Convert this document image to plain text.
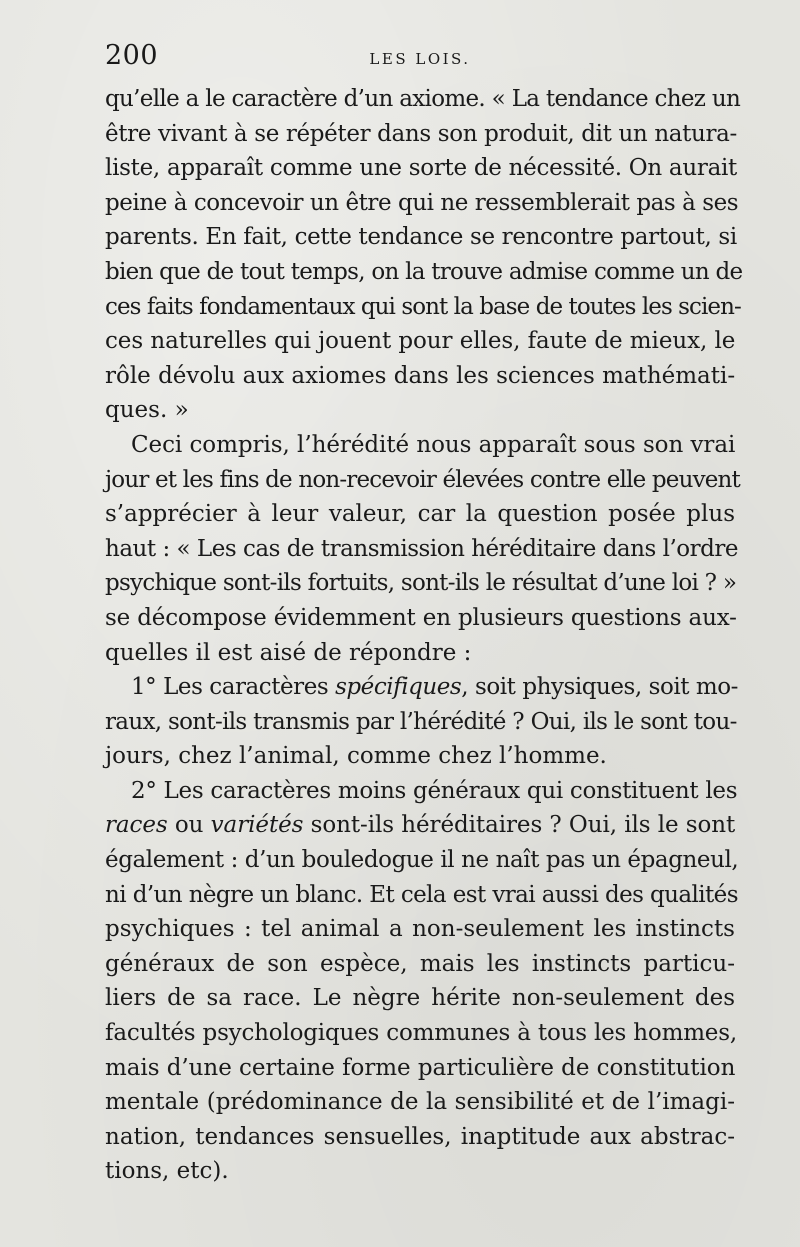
200	LES LOIS.
qu’elle a le caractère d’un axiome. « La tendance chez un
être vivant à se répéter dans son produit, dit un natura-
liste, apparaît comme une sorte de nécessité. On aurait
peine à concevoir un être qui ne ressemblerait pas à ses
parents. En fait, cette tendance se rencontre partout, si
bien que de tout temps, on la trouve admise comme un de
ces faits fondamentaux qui sont la base de toutes les scien-
ces naturelles qui jouent pour elles, faute de mieux, le
rôle dévolu aux axiomes dans les sciences mathémati-
ques. »
Ceci compris, l’hérédité nous apparaît sous son vrai
jour et les fins de non-recevoir élevées contre elle peuvent
s’apprécier à leur valeur, car la question posée plus
haut : « Les cas de transmission héréditaire dans l’ordre
psychique sont-ils fortuits, sont-ils le résultat d’une loi ? »
se décompose évidemment en plusieurs questions aux-
quelles il est aisé de répondre :
1° Les caractères spécifiques, soit physiques, soit mo-
raux, sont-ils transmis par l’hérédité ? Oui, ils le sont tou-
jours, chez l’animal, comme chez l’homme.
2° Les caractères moins généraux qui constituent les
races ou variétés sont-ils héréditaires ? Oui, ils le sont
également : d’un bouledogue il ne naît pas un épagneul,
ni d’un nègre un blanc. Et cela est vrai aussi des qualités
psychiques : tel animal a non-seulement les instincts
généraux de son espèce, mais les instincts particu-
liers de sa race. Le nègre hérite non-seulement des
facultés psychologiques communes à tous les hommes,
mais d’une certaine forme particulière de constitution
mentale (prédominance de la sensibilité et de l’imagi-
nation, tendances sensuelles, inaptitude aux abstrac-
tions, etc).
